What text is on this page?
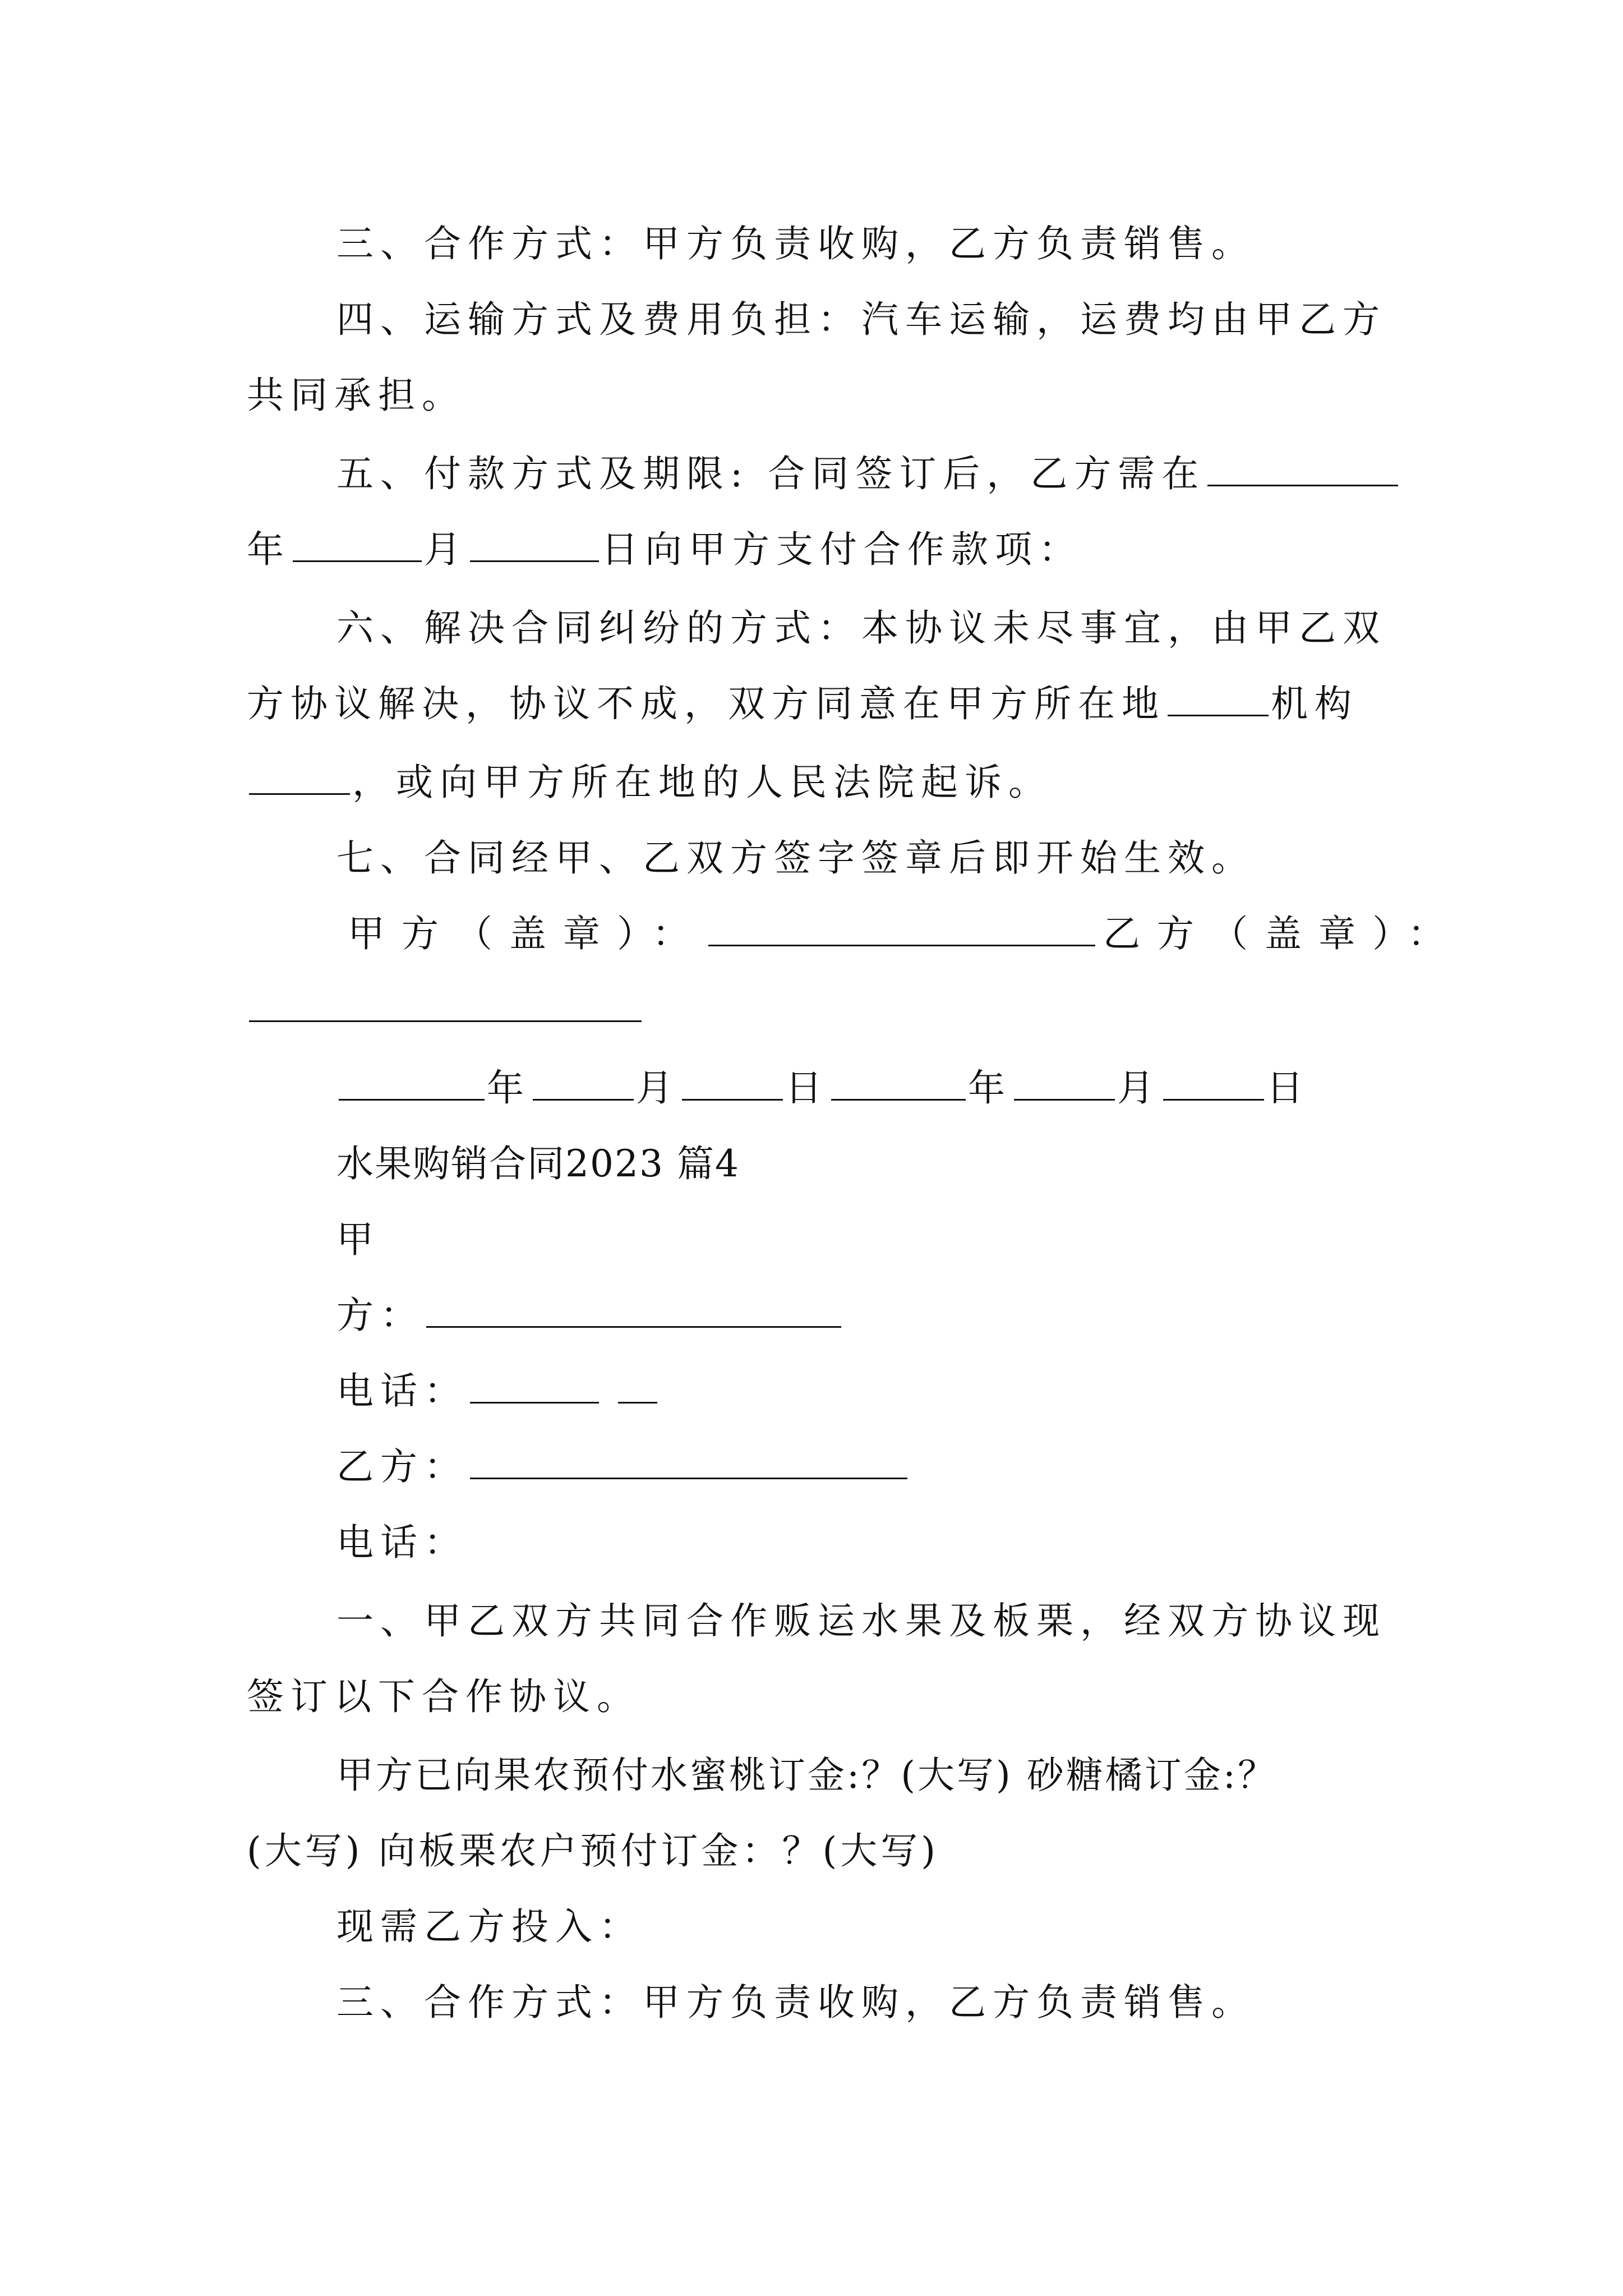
三、合作方式：甲方负责收购，乙方负责销售。
四、运输方式及费用负担：汽车运输，运费均由甲乙方
共同承担。
五、付款方式及期限: 合同签订后，乙方需在
年	月	日向甲方支付合作款项：
六、解决合同纠纷的方式：本协议未尽事宜，由甲乙双
方协议解决，协议不成，双方同意在甲方所在地	机构
，或向甲方所在地的人民法院起诉。
七、合同经甲、乙双方签字签章后即开始生效。
甲方（盖章）：	乙方（盖章）：
年	月	日	年	月	日
水果购销合同2023 篇4
甲
方：
电话：
乙方：
电话：
一、甲乙双方共同合作贩运水果及板栗，经双方协议现
签订以下合作协议。
甲方已向果农预付水蜜桃订金:？(大写) 砂糖橘订金:？
(大写) 向板栗农户预付订金：？(大写)
现需乙方投入：
三、合作方式：甲方负责收购，乙方负责销售。
